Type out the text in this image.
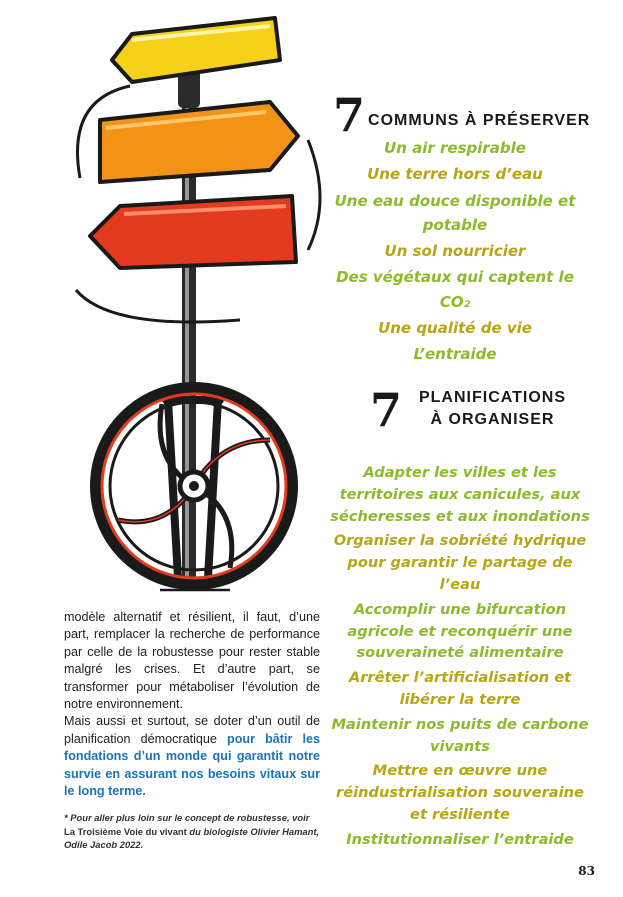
7 COMMUNS À PRÉSERVER
Un air respirable
Une terre hors d’eau
Une eau douce disponible et potable
Un sol nourricier
Des végétaux qui captent le CO₂
Une qualité de vie
L’entraide
7 PLANIFICATIONS
À ORGANISER
Adapter les villes et les territoires aux canicules, aux sécheresses et aux inondations
Organiser la sobriété hydrique pour garantir le partage de l’eau
Accomplir une bifurcation agricole et reconquérir une souveraineté alimentaire
Arrêter l’artificialisation et libérer la terre
Maintenir nos puits de carbone vivants
Mettre en œuvre une réindustrialisation souveraine et résiliente
Institutionnaliser l’entraide

modèle alternatif et résilient, il faut, d’une part, remplacer la recherche de performance par celle de la robustesse pour rester stable malgré les crises. Et d’autre part, se transformer pour métaboliser l’évolution de notre environnement.

Mais aussi et surtout, se doter d’un outil de planification démocratique pour bâtir les fondations d’un monde qui garantit notre survie en assurant nos besoins vitaux sur le long terme.

* Pour aller plus loin sur le concept de robustesse, voir La Troisième Voie du vivant du biologiste Olivier Hamant, Odile Jacob 2022.
83
